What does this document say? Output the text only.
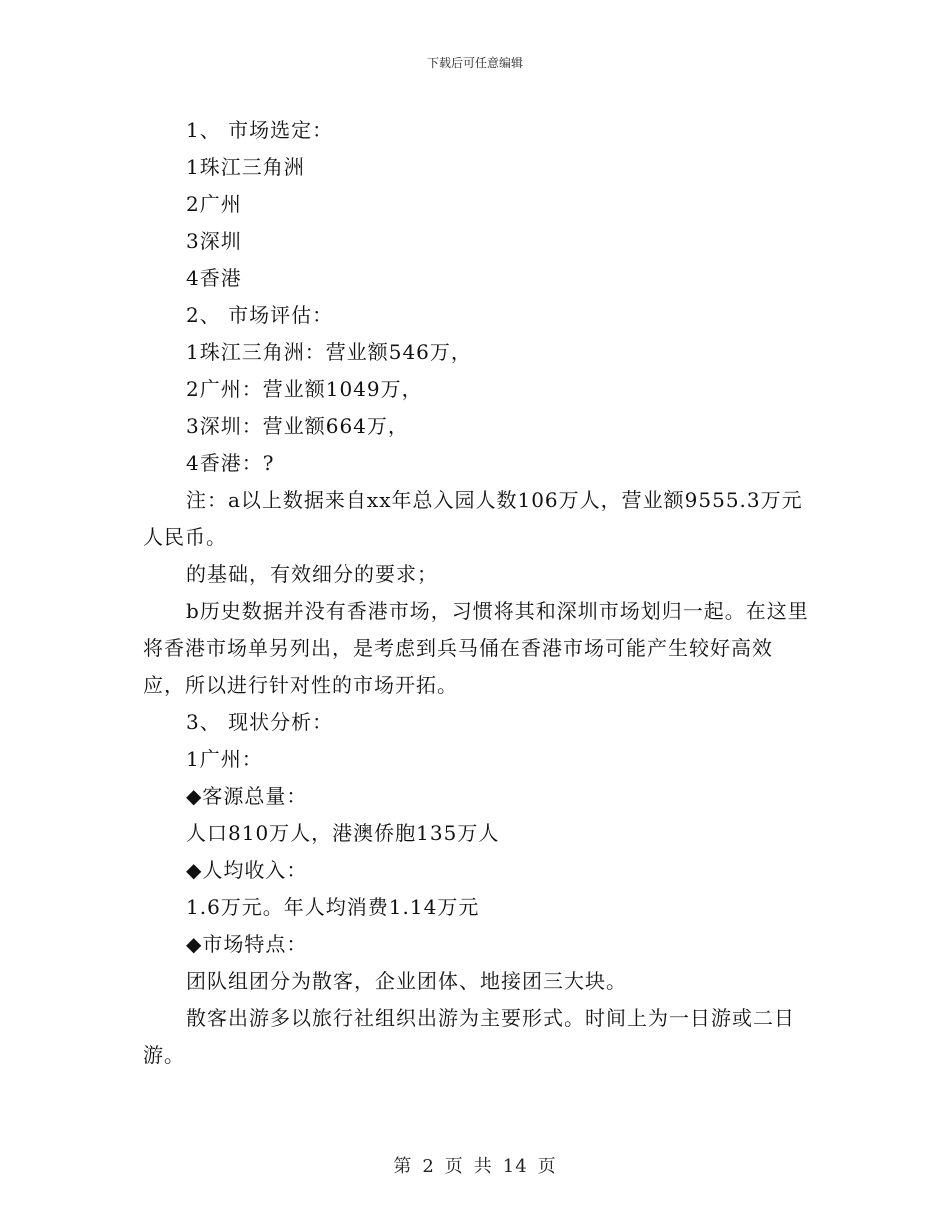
下载后可任意编辑

1、 市场选定：

1珠江三角洲

2广州

3深圳

4香港

2、 市场评估：

1珠江三角洲：营业额546万，

2广州：营业额1049万，

3深圳：营业额664万，

4香港：?

注：a以上数据来自xx年总入园人数106万人，营业额9555.3万元人民币。

的基础，有效细分的要求；

b历史数据并没有香港市场，习惯将其和深圳市场划归一起。在这里将香港市场单另列出，是考虑到兵马俑在香港市场可能产生较好高效应，所以进行针对性的市场开拓。

3、 现状分析：

1广州：

◆客源总量：

人口810万人，港澳侨胞135万人

◆人均收入：

1.6万元。年人均消费1.14万元

◆市场特点：

团队组团分为散客，企业团体、地接团三大块。

散客出游多以旅行社组织出游为主要形式。时间上为一日游或二日游。

第 2 页 共 14 页
